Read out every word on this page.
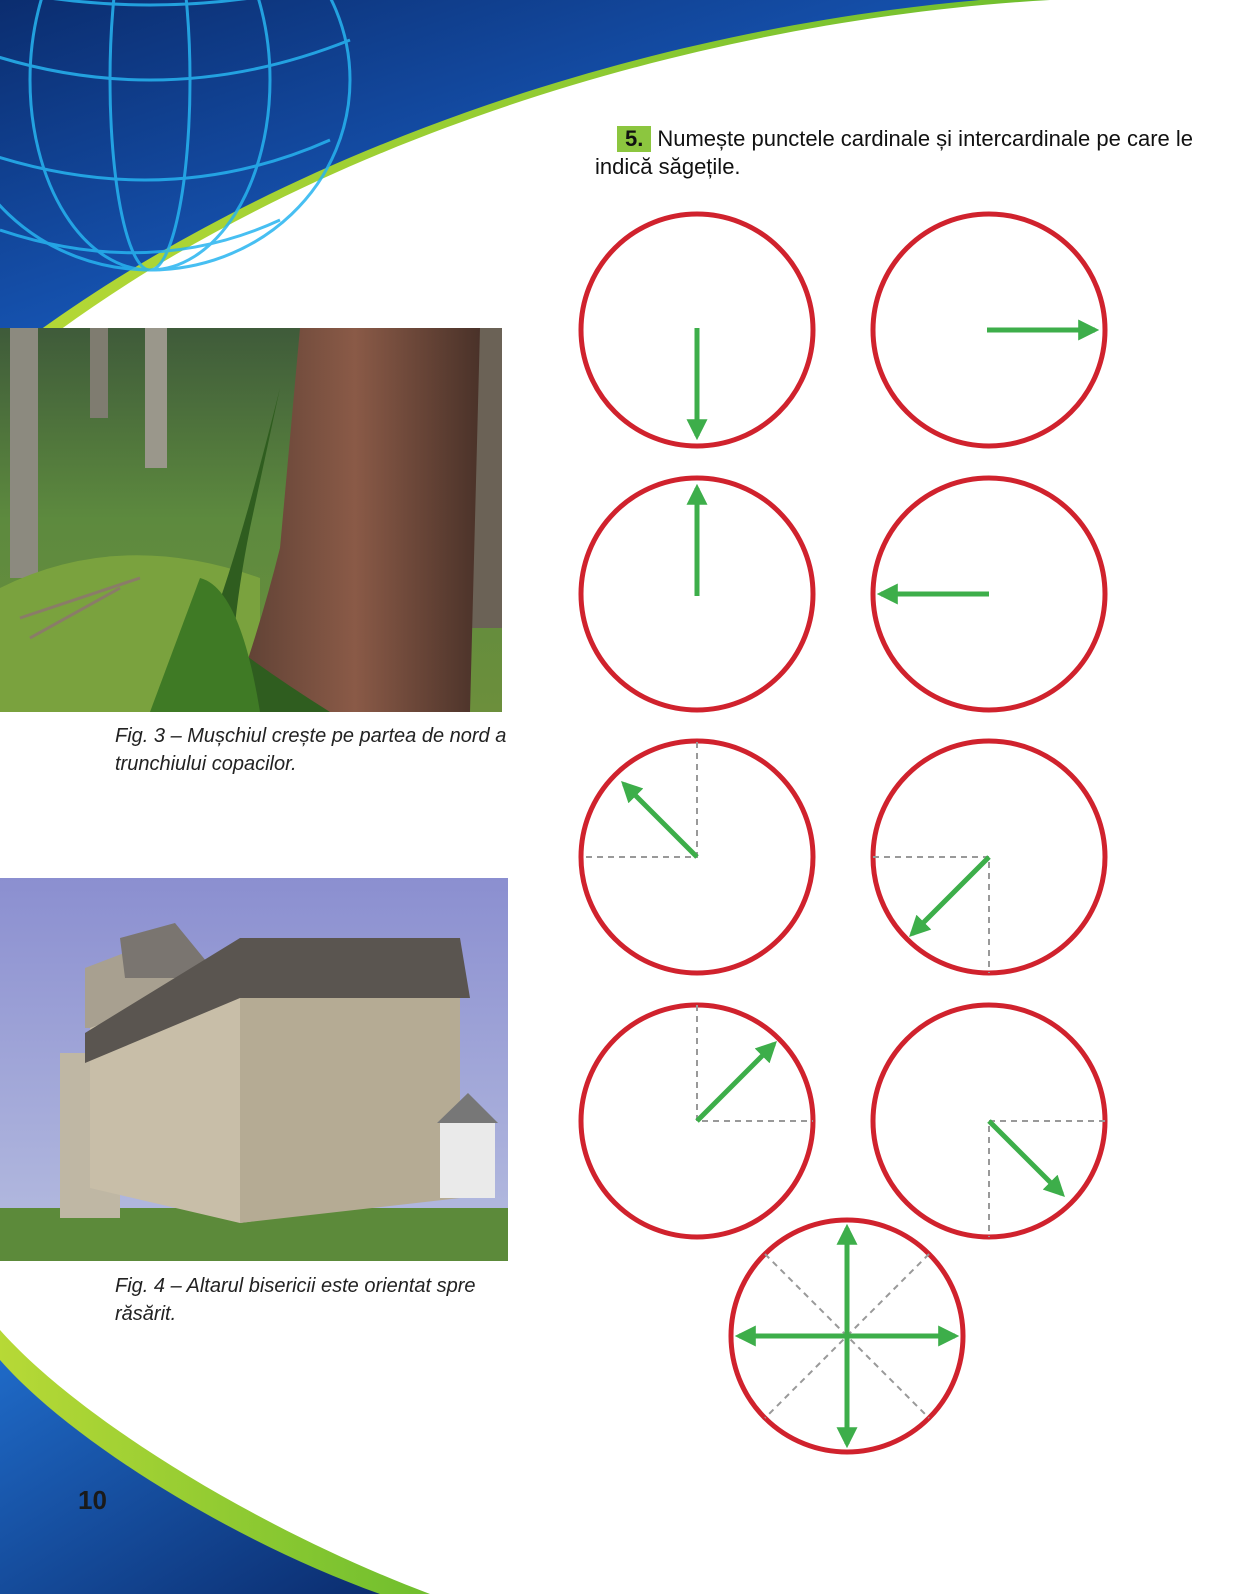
5. Numește punctele cardinale și intercardinale pe care le indică săgețile.
Fig. 3 – Mușchiul crește pe partea de nord a trunchiului copacilor.
Fig. 4 – Altarul bisericii este orientat spre răsărit.
10
